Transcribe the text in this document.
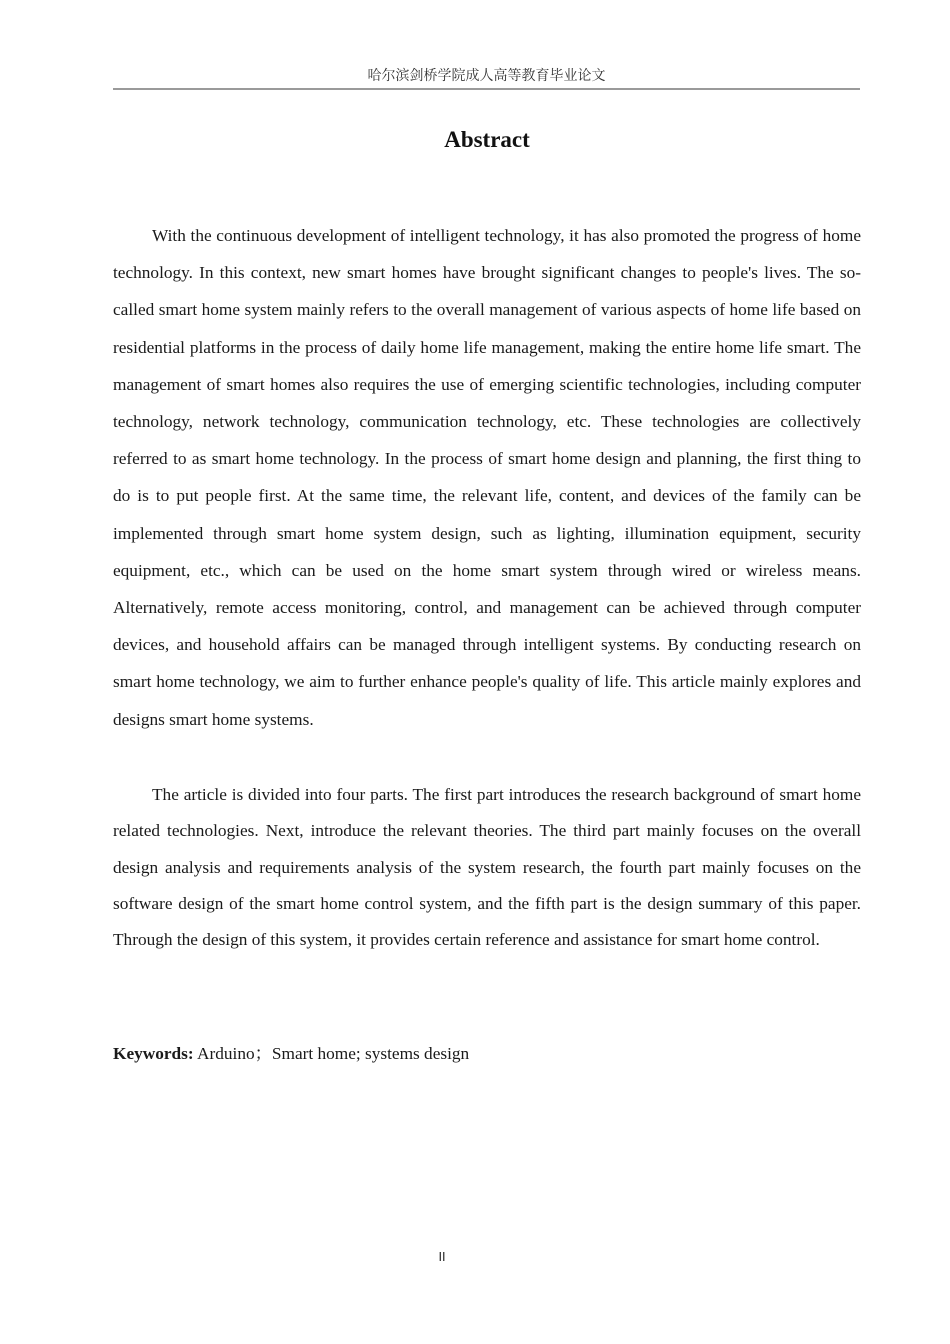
哈尔滨剑桥学院成人高等教育毕业论文
Abstract

With the continuous development of intelligent technology, it has also promoted the progress of home technology. In this context, new smart homes have brought significant changes to people's lives. The so-called smart home system mainly refers to the overall management of various aspects of home life based on residential platforms in the process of daily home life management, making the entire home life smart. The management of smart homes also requires the use of emerging scientific technologies, including computer technology, network technology, communication technology, etc. These technologies are collectively referred to as smart home technology. In the process of smart home design and planning, the first thing to do is to put people first. At the same time, the relevant life, content, and devices of the family can be implemented through smart home system design, such as lighting, illumination equipment, security equipment, etc., which can be used on the home smart system through wired or wireless means. Alternatively, remote access monitoring, control, and management can be achieved through computer devices, and household affairs can be managed through intelligent systems. By conducting research on smart home technology, we aim to further enhance people's quality of life. This article mainly explores and designs smart home systems.

The article is divided into four parts. The first part introduces the research background of smart home related technologies. Next, introduce the relevant theories. The third part mainly focuses on the overall design analysis and requirements analysis of the system research, the fourth part mainly focuses on the software design of the smart home control system, and the fifth part is the design summary of this paper. Through the design of this system, it provides certain reference and assistance for smart home control.

Keywords: Arduino；Smart home; systems design
II
